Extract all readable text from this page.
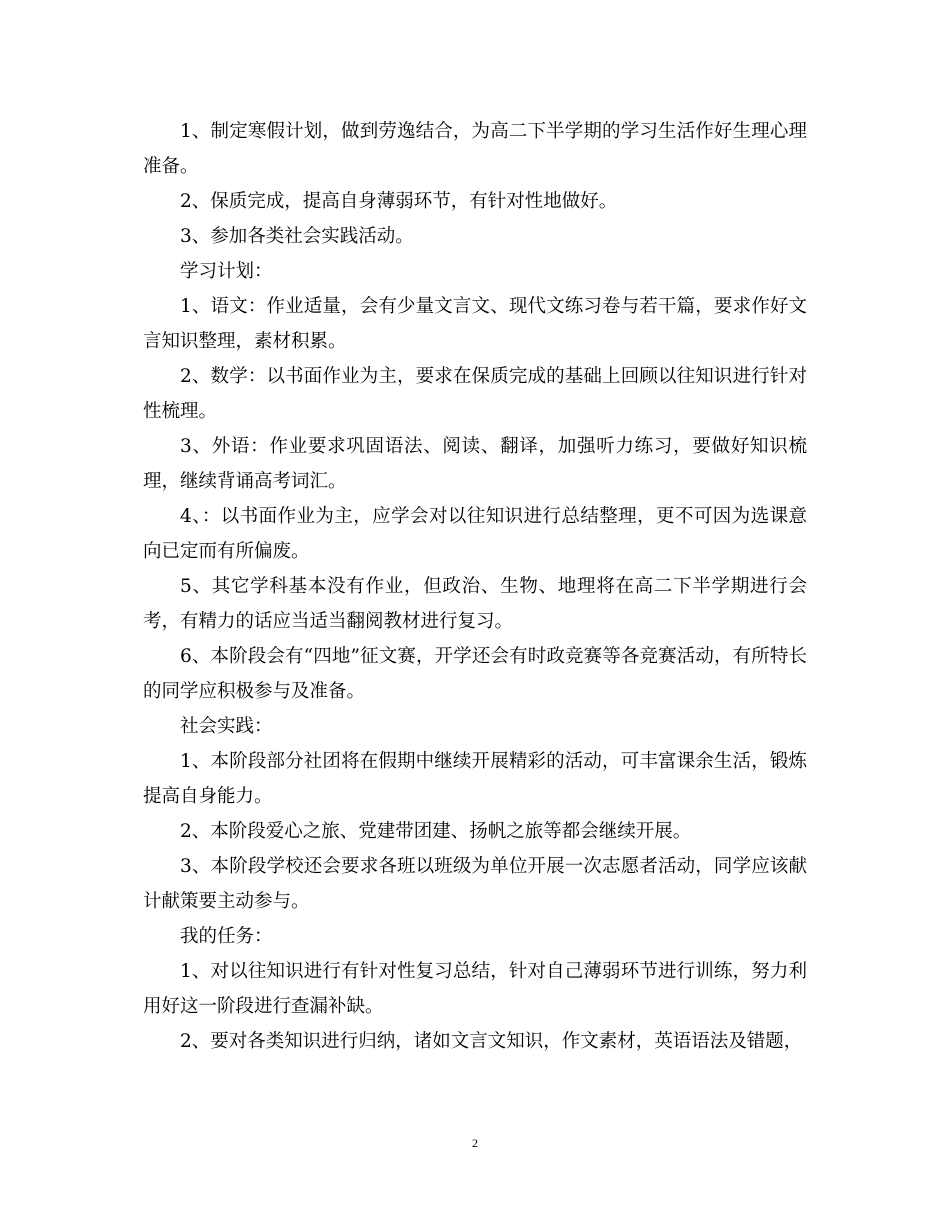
1、制定寒假计划，做到劳逸结合，为高二下半学期的学习生活作好生理心理准备。

2、保质完成，提高自身薄弱环节，有针对性地做好。

3、参加各类社会实践活动。

学习计划：

1、语文：作业适量，会有少量文言文、现代文练习卷与若干篇，要求作好文言知识整理，素材积累。

2、数学：以书面作业为主，要求在保质完成的基础上回顾以往知识进行针对性梳理。

3、外语：作业要求巩固语法、阅读、翻译，加强听力练习，要做好知识梳理，继续背诵高考词汇。

4、：以书面作业为主，应学会对以往知识进行总结整理，更不可因为选课意向已定而有所偏废。

5、其它学科基本没有作业，但政治、生物、地理将在高二下半学期进行会考，有精力的话应当适当翻阅教材进行复习。

6、本阶段会有“四地”征文赛，开学还会有时政竞赛等各竞赛活动，有所特长的同学应积极参与及准备。

社会实践：

1、本阶段部分社团将在假期中继续开展精彩的活动，可丰富课余生活，锻炼提高自身能力。

2、本阶段爱心之旅、党建带团建、扬帆之旅等都会继续开展。

3、本阶段学校还会要求各班以班级为单位开展一次志愿者活动，同学应该献计献策要主动参与。

我的任务：

1、对以往知识进行有针对性复习总结，针对自己薄弱环节进行训练，努力利用好这一阶段进行查漏补缺。

2、要对各类知识进行归纳，诸如文言文知识，作文素材，英语语法及错题，

2
